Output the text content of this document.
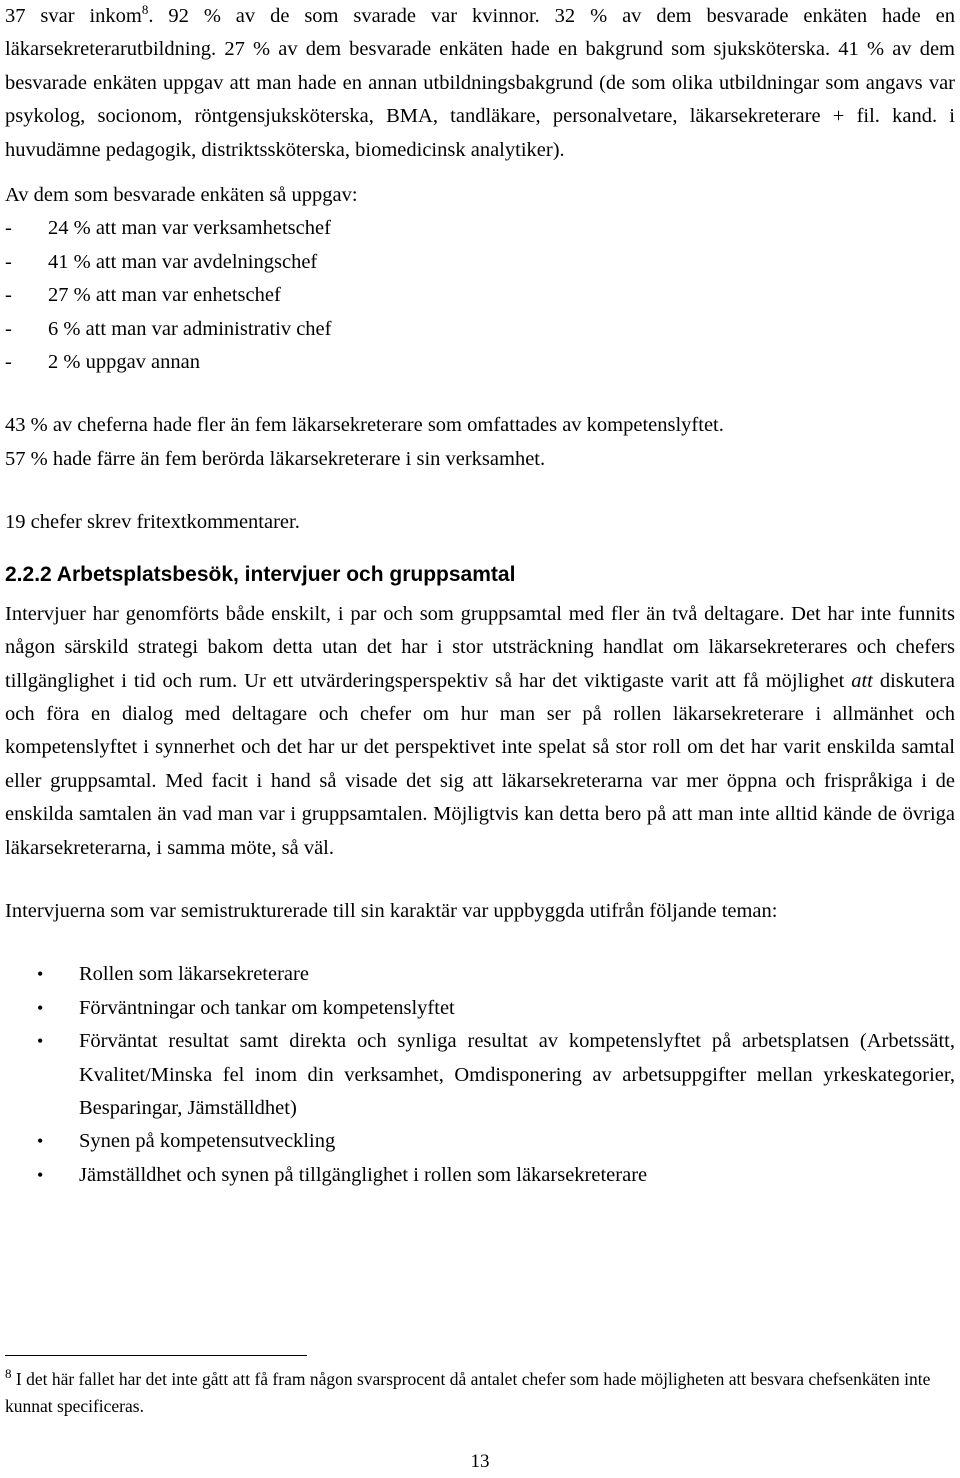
37 svar inkom$^8$. 92 % av de som svarade var kvinnor. 32 % av dem besvarade enkäten hade en läkarsekreterarutbildning. 27 % av dem besvarade enkäten hade en bakgrund som sjuksköterska. 41 % av dem besvarade enkäten uppgav att man hade en annan utbildningsbakgrund (de som olika utbildningar som angavs var psykolog, socionom, röntgensjuksköterska, BMA, tandläkare, personalvetare, läkarsekreterare + fil. kand. i huvudämne pedagogik, distriktssköterska, biomedicinsk analytiker).

Av dem som besvarade enkäten så uppgav:

- 24 % att man var verksamhetschef
- 41 % att man var avdelningschef
- 27 % att man var enhetschef
- 6 % att man var administrativ chef
- 2 % uppgav annan

43 % av cheferna hade fler än fem läkarsekreterare som omfattades av kompetenslyftet.

57 % hade färre än fem berörda läkarsekreterare i sin verksamhet.

19 chefer skrev fritextkommentarer.

2.2.2 Arbetsplatsbesök, intervjuer och gruppsamtal

Intervjuer har genomförts både enskilt, i par och som gruppsamtal med fler än två deltagare. Det har inte funnits någon särskild strategi bakom detta utan det har i stor utsträckning handlat om läkarsekreterares och chefers tillgänglighet i tid och rum. Ur ett utvärderingsperspektiv så har det viktigaste varit att få möjlighet att diskutera och föra en dialog med deltagare och chefer om hur man ser på rollen läkarsekreterare i allmänhet och kompetenslyftet i synnerhet och det har ur det perspektivet inte spelat så stor roll om det har varit enskilda samtal eller gruppsamtal. Med facit i hand så visade det sig att läkarsekreterarna var mer öppna och frispråkiga i de enskilda samtalen än vad man var i gruppsamtalen. Möjligtvis kan detta bero på att man inte alltid kände de övriga läkarsekreterarna, i samma möte, så väl.

Intervjuerna som var semistrukturerade till sin karaktär var uppbyggda utifrån följande teman:

• Rollen som läkarsekreterare
• Förväntningar och tankar om kompetenslyftet
• Förväntat resultat samt direkta och synliga resultat av kompetenslyftet på arbetsplatsen (Arbetssätt, Kvalitet/Minska fel inom din verksamhet, Omdisponering av arbetsuppgifter mellan yrkeskategorier, Besparingar, Jämställdhet)
• Synen på kompetensutveckling
• Jämställdhet och synen på tillgänglighet i rollen som läkarsekreterare
$^8$ I det här fallet har det inte gått att få fram någon svarsprocent då antalet chefer som hade möjligheten att besvara chefsenkäten inte kunnat specificeras.
13
